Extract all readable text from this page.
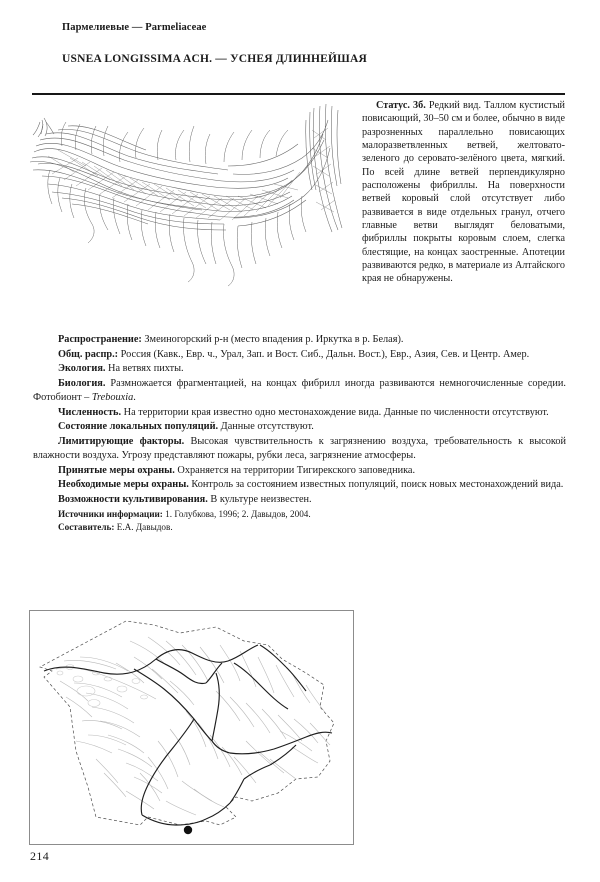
Пармелиевые — Parmeliaceae
USNEA LONGISSIMA ACH. — УСНЕЯ ДЛИННЕЙШАЯ
Статус. 3б. Редкий вид. Таллом кустистый повисающий, 30–50 см и более, обычно в виде разрозненных параллельно повисающих малоразветвленных ветвей, желтовато-зеленого до серовато-зелёного цвета, мягкий. По всей длине ветвей перпендикулярно расположены фибриллы. На поверхности ветвей коровый слой отсутствует либо развивается в виде отдельных гранул, отчего главные ветви выглядят беловатыми, фибриллы покрыты коровым слоем, слегка блестящие, на концах заостренные. Апотеции развиваются редко, в материале из Алтайского края не обнаружены.

Распространение: Змеиногорский р-н (место впадения р. Иркутка в р. Белая).

Общ. распр.: Россия (Кавк., Евр. ч., Урал, Зап. и Вост. Сиб., Дальн. Вост.), Евр., Азия, Сев. и Центр. Амер.

Экология. На ветвях пихты.

Биология. Размножается фрагментацией, на концах фибрилл иногда развиваются немногочисленные соредии. Фотобионт – Trebouxia.

Численность. На территории края известно одно местонахождение вида. Данные по численности отсутствуют.

Состояние локальных популяций. Данные отсутствуют.

Лимитирующие факторы. Высокая чувствительность к загрязнению воздуха, требовательность к высокой влажности воздуха. Угрозу представляют пожары, рубки леса, загрязнение атмосферы.

Принятые меры охраны. Охраняется на территории Тигирекского заповедника.

Необходимые меры охраны. Контроль за состоянием известных популяций, поиск новых местонахождений вида.

Возможности культивирования. В культуре неизвестен.

Источники информации: 1. Голубкова, 1996; 2. Давыдов, 2004.

Составитель: Е.А. Давыдов.

214
